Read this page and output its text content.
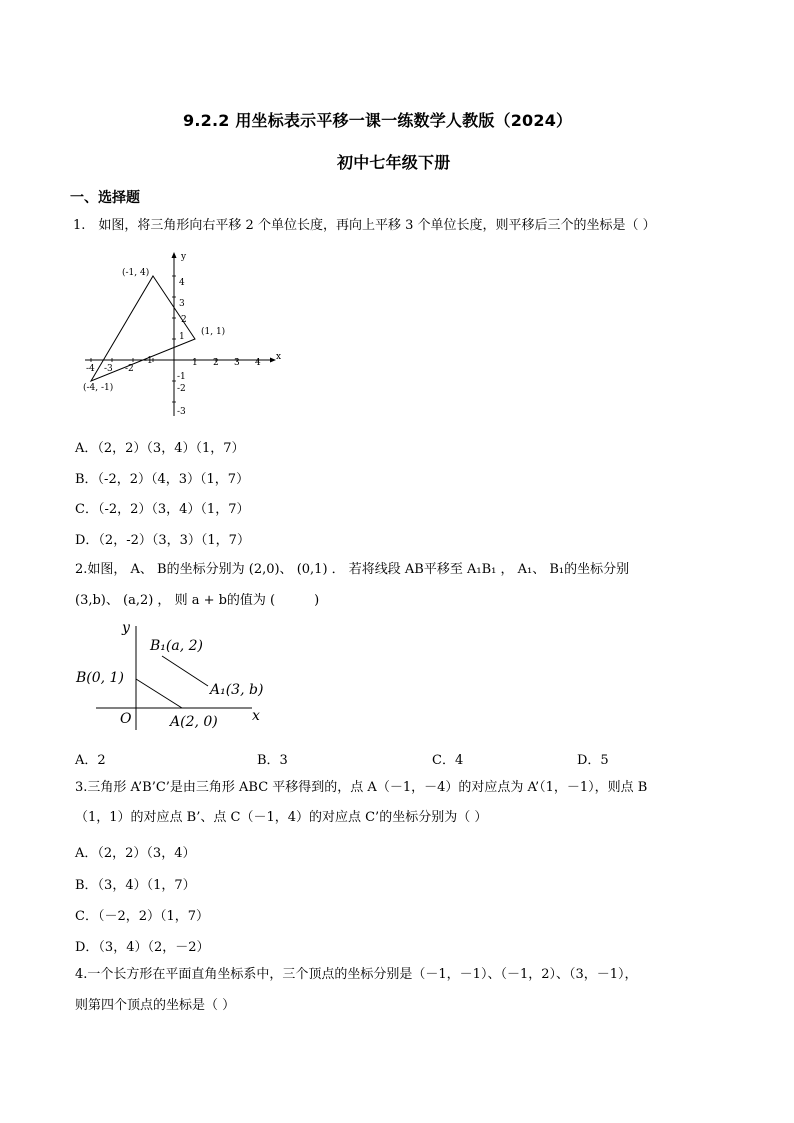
9.2.2 用坐标表示平移一课一练数学人教版（2024）
初中七年级下册
一、选择题
1.　如图，将三角形向右平移 2 个单位长度，再向上平移 3 个单位长度，则平移后三个的坐标是（ ）
x
y
-4 -3 -2
-1	1 2 3 4
4
3
2
1
-1
-2
-3
(-1, 4)
(1, 1)
(-4, -1)
A．（2，2）（3，4）（1，7）
B．（-2，2）（4，3）（1，7）
C．（-2，2）（3，4）（1，7）
D．（2，-2）（3，3）（1，7）
2.如图， A、 B的坐标分别为 (2,0)、 (0,1) ． 若将线段 AB平移至 A₁B₁ ， A₁、 B₁的坐标分别
(3,b)、 (a,2) ， 则 a + b的值为 (　　　)
x
y
O
B(0, 1)
A(2, 0)
B₁(a, 2)
A₁(3, b)
A．2	B．3	C．4	D．5
3.三角形 A’B’C’是由三角形 ABC 平移得到的，点 A（－1，－4）的对应点为 A’（1，－1），则点 B
（1，1）的对应点 B’、点 C（－1，4）的对应点 C’的坐标分别为（ ）
A．（2，2）（3，4）
B．（3，4）（1，7）
C．（－2，2）（1，7）
D．（3，4）（2，－2）
4.一个长方形在平面直角坐标系中，三个顶点的坐标分别是（－1，－1）、（－1，2）、（3，－1），
则第四个顶点的坐标是（ ）
